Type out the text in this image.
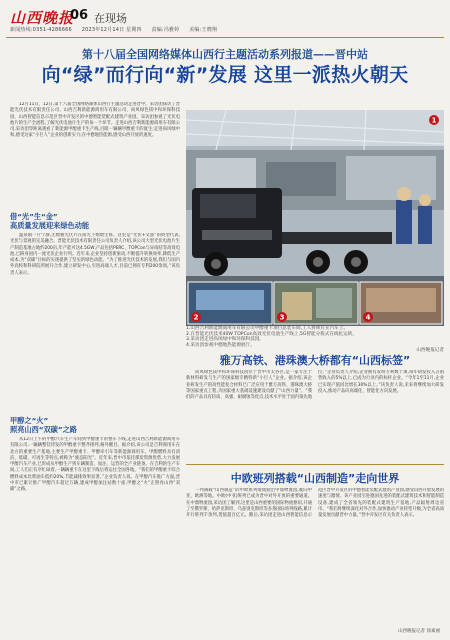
山西晚报
06 在现场
新闻热线:0351-4286666 2023年12月14日 星期四 责编:冯雅婷 美编:王晓翔
第十八届全国网络媒体山西行主题活动系列报道——晋中站
向“绿”而行向“新”发展 这里一派热火朝天

12月11日、12日,第十八届全国网络媒体山西行主题活动走进晋中。采访团探访了晋能光伏技术有限责任公司、山西吉利新能源商用车有限公司、尚风绿色镁中和环保科技园、山西智能信息示范区晋中开发区的中德智能装配式建筑产业园。采访团参观了光伏电池片的生产全流程,了解光伏电池片生产的每一个环节。走进山西吉利新能源商用车有限公司,采访团零距离观看了新能源甲醇重卡生产线,目睹一辆辆甲醇重卡的诞生;走进尚风绿中和,感受这家“小巨人”企业的创新实力;在中德地热能源,感受山西开放的速度。

1
2	3	4
1.山西吉利新能源商用车有限公司甲醇重卡项目总装车间,工人将锁钉在汽车上。
2.在晋能光伏技术40W TOPCon高效光伏电池生产线上,5G智能分拣式在线化运转。
3.采访团走进尚风绿中和环保科技园。
4.采访团参观中德地热能源展厅。
山西晚报记者
借“光”生“金”
高质量发展迎来绿色动能

温泉镇一片宁静,无数板光伏片在阳光下熠熠生辉。这里是“光伏+文旅”的典型代表,光伏与景观的完美融合。晋能光伏技术有限责任公司负责人介绍,该公司大型光伏电池片生产制造基地占地约200亩,年产能可达4.5GW,产品包括PERC、TOPCon与异质结等高效电池,已跻身国内一流光伏企业行列。近年来,企业坚持创新驱动,不断提升转换效率,降低生产成本,为“双碳”目标的实现提供了坚实的绿色动能。“为了推进光伏技术的发展,我们与国内外高校和科研院所展开合作,建立研发中心,引进高端人才,目前已拥有专利200余项。”该负责人表示。

甲醇之“火”
照亮山西“双碳”之路

从12日上午的甲醇汽车生产车间到甲醇重卡的整车下线,走进山西吉利新能源商用车有限公司,一辆辆整装待发的甲醇重卡整齐排列,格外醒目。据介绍,该公司是吉利商用车在北方的重要生产基地,主要生产甲醇重卡、甲醇牵引车等新能源商用车。甲醇燃料具有清洁、低碳、可再生等特点,被称为“液态阳光”。近年来,晋中市依托煤炭资源优势,大力发展甲醇汽车产业,已形成从甲醇生产到车辆制造、加注、运营的全产业链条。在吉利的生产车间,工人们正有序忙碌着,一辆辆重卡在这里下线后将运往全国各地。“我们的甲醇重卡综合燃料成本比柴油车低约20%,节能减排效果显著。”企业负责人说。在甲醇汽车推广方面,晋中市已累计推广甲醇汽车超过万辆,建成甲醇加注站数十座,甲醇之“火”正照亮山西“双碳”之路。

雅万高铁、港珠澳大桥都有“山西标签”

尚风绿色镁中和环保科技园位于晋中市太谷区,是一家专注于新材料研发与生产的国家级专精特新“小巨人”企业。据介绍,该企业研发生产的高性能复合材料已广泛应用于雅万高铁、港珠澳大桥等国家重点工程,为国家重大基础设施建设贡献了“山西力量”。“我们的产品具有轻质、高强、耐腐蚀等优点,技术水平处于国内领先地位。”企业负责人介绍,企业拥有发明专利数十项,每年研发投入占销售收入的5%以上,已成为行业内的标杆企业。“今年1至11月,企业已实现产值同比增长30%以上。”该负责人说,未来将继续加大研发投入,推动产品向高端化、智能化方向发展。

中欧班列搭载“山西制造”走向世界

一列满载“山西制造”的中欧班列缓缓驶出中鼎物流园,驶向中亚、欧洲等地。中欧(中亚)班列已成为晋中对外开放的重要通道。在中鼎物流园,采访团了解到,这里是山西重要的国际物流枢纽,开通了至俄罗斯、哈萨克斯坦、乌兹别克斯坦等多条国际班列线路,累计开行班列千余列,货值超百亿元。随后,采访团走进山西智能信息示范区晋中开发区的中德智能装配式建筑产业园,感受山西开放发展的速度与激情。该产业园引进德国先进的装配式建筑技术和智能制造设备,建成了全省领先的装配式建筑生产基地,产品辐射周边省市。“我们将继续深化对外合作,加快推动产业转型升级,为全省高质量发展贡献晋中力量。”晋中开发区有关负责人表示。

山西晚报记者 徐素丽
